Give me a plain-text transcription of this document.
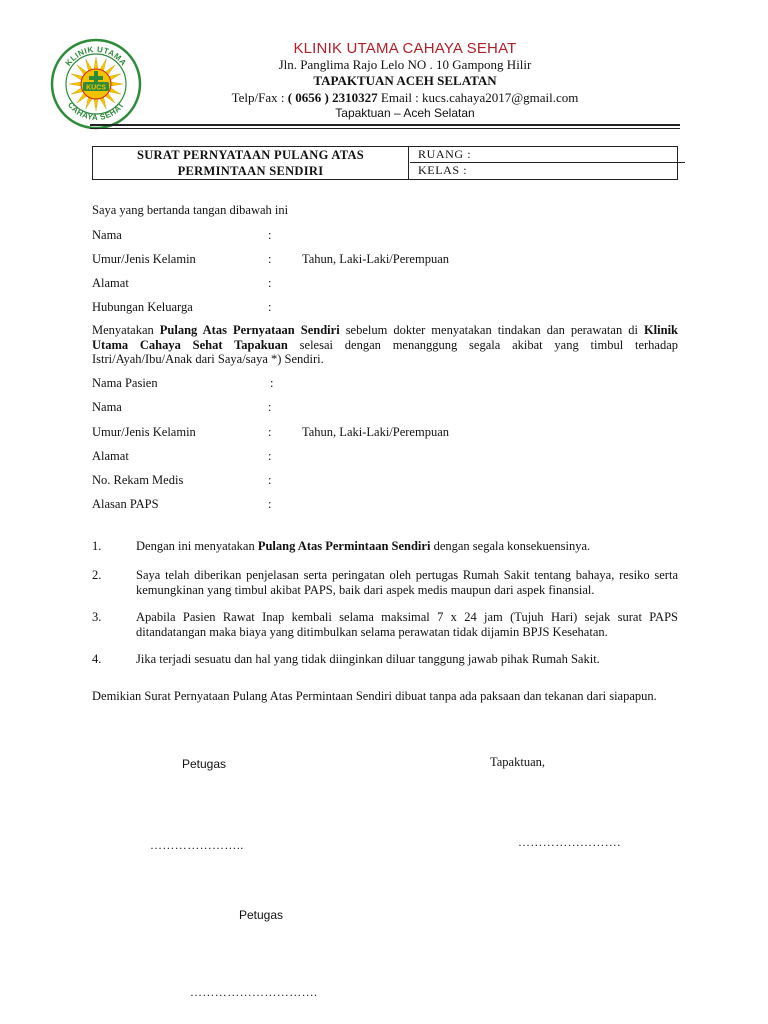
KUCS
KLINIK UTAMA
CAHAYA SEHAT
KLINIK UTAMA CAHAYA SEHAT
Jln. Panglima Rajo Lelo NO . 10 Gampong Hilir
TAPAKTUAN ACEH SELATAN
Telp/Fax : ( 0656 ) 2310327 Email : kucs.cahaya2017@gmail.com
Tapaktuan – Aceh Selatan
SURAT PERNYATAAN PULANG ATAS
PERMINTAAN SENDIRI
RUANG :
KELAS :
Saya yang bertanda tangan dibawah ini
Nama	:
Umur/Jenis Kelamin	: Tahun, Laki-Laki/Perempuan
Alamat	:
Hubungan Keluarga	:
Menyatakan Pulang Atas Pernyataan Sendiri sebelum dokter menyatakan tindakan dan perawatan di Klinik Utama Cahaya Sehat Tapakuan selesai dengan menanggung segala akibat yang timbul terhadap Istri/Ayah/Ibu/Anak dari Saya/saya *) Sendiri.
Nama Pasien	:
Nama	:
Umur/Jenis Kelamin	: Tahun, Laki-Laki/Perempuan
Alamat	:
No. Rekam Medis	:
Alasan PAPS	:
1.	Dengan ini menyatakan Pulang Atas Permintaan Sendiri dengan segala konsekuensinya.
2.	Saya telah diberikan penjelasan serta peringatan oleh pertugas Rumah Sakit tentang bahaya, resiko serta kemungkinan yang timbul akibat PAPS, baik dari aspek medis maupun dari aspek finansial.
3.	Apabila Pasien Rawat Inap kembali selama maksimal 7 x 24 jam (Tujuh Hari) sejak surat PAPS ditandatangan maka biaya yang ditimbulkan selama perawatan tidak dijamin BPJS Kesehatan.
4.	Jika terjadi sesuatu dan hal yang tidak diinginkan diluar tanggung jawab pihak Rumah Sakit.
Demikian Surat Pernyataan Pulang Atas Permintaan Sendiri dibuat tanpa ada paksaan dan tekanan dari siapapun.
Petugas	Tapaktuan,
…………………..	…………………….
Petugas
………………………….
